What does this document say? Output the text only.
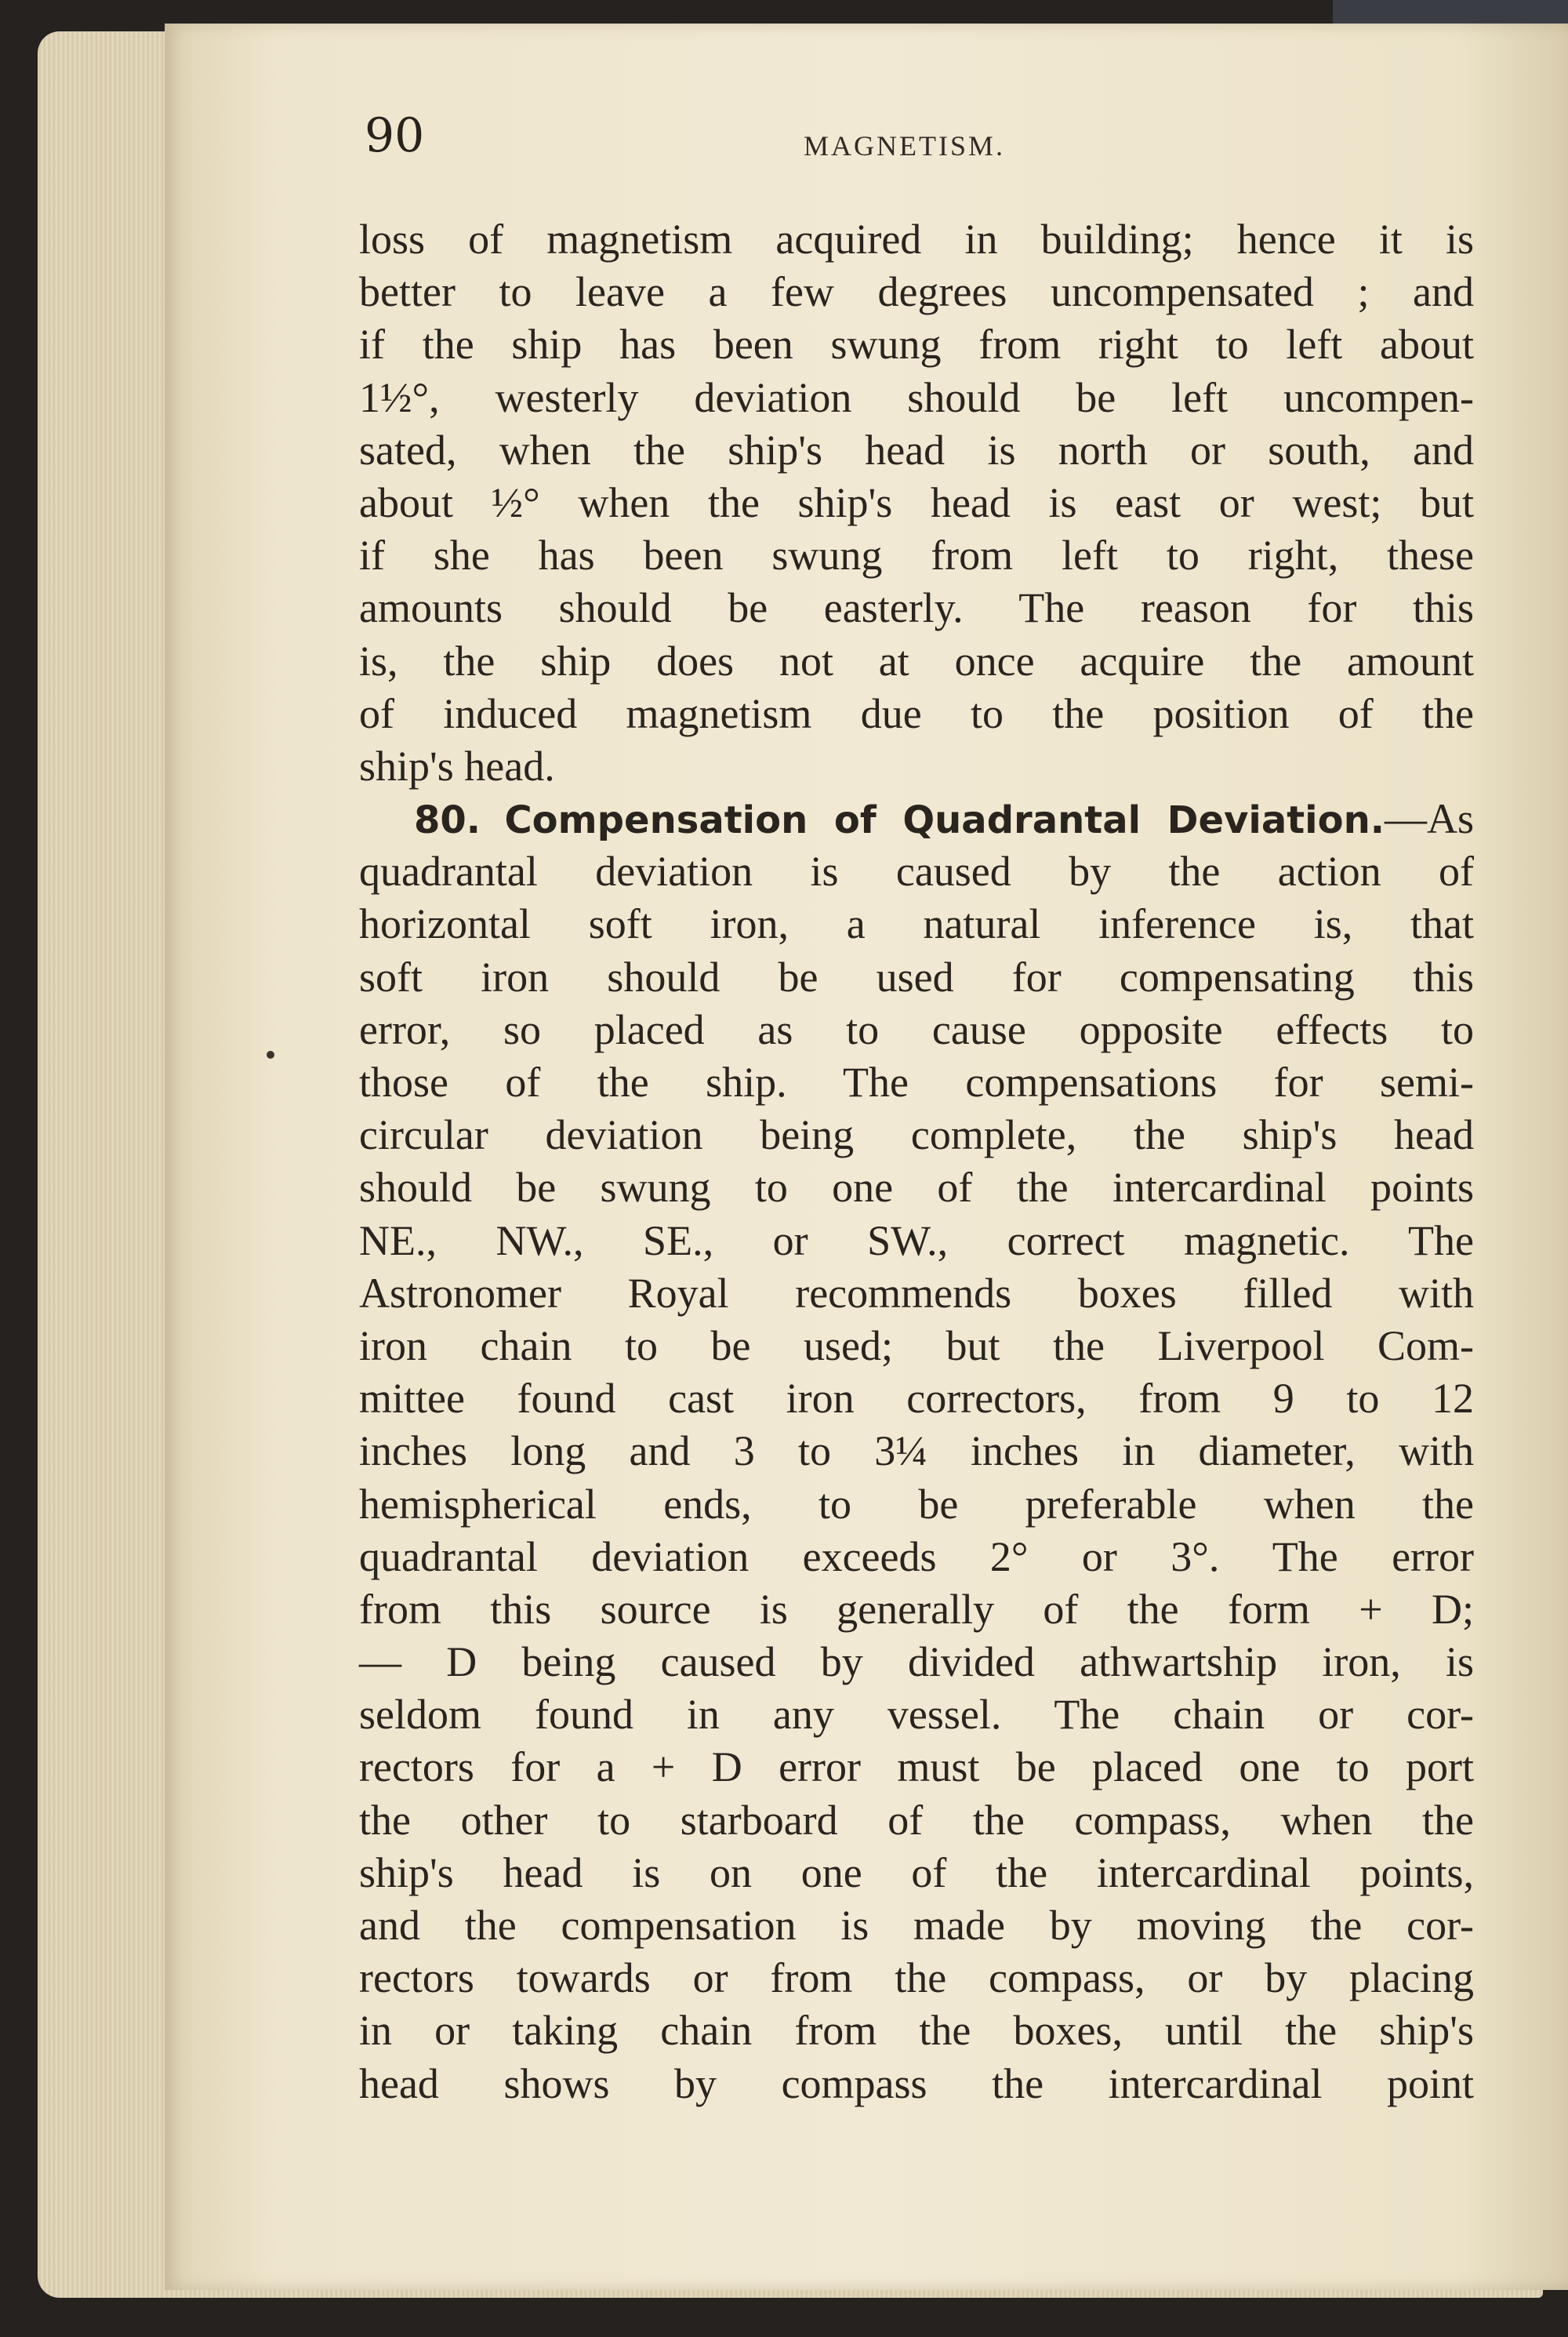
90	MAGNETISM.
loss of magnetism acquired in building; hence it is
better to leave a few degrees uncompensated ; and
if the ship has been swung from right to left about
1½°, westerly deviation should be left uncompen-
sated, when the ship's head is north or south, and
about ½° when the ship's head is east or west; but
if she has been swung from left to right, these
amounts should be easterly. The reason for this
is, the ship does not at once acquire the amount
of induced magnetism due to the position of the
ship's head.
80. Compensation of Quadrantal Deviation.—As
quadrantal deviation is caused by the action of
horizontal soft iron, a natural inference is, that
soft iron should be used for compensating this
error, so placed as to cause opposite effects to
those of the ship. The compensations for semi-
circular deviation being complete, the ship's head
should be swung to one of the intercardinal points
NE., NW., SE., or SW., correct magnetic. The
Astronomer Royal recommends boxes filled with
iron chain to be used; but the Liverpool Com-
mittee found cast iron correctors, from 9 to 12
inches long and 3 to 3¼ inches in diameter, with
hemispherical ends, to be preferable when the
quadrantal deviation exceeds 2° or 3°. The error
from this source is generally of the form + D;
— D being caused by divided athwartship iron, is
seldom found in any vessel. The chain or cor-
rectors for a + D error must be placed one to port
the other to starboard of the compass, when the
ship's head is on one of the intercardinal points,
and the compensation is made by moving the cor-
rectors towards or from the compass, or by placing
in or taking chain from the boxes, until the ship's
head shows by compass the intercardinal point
